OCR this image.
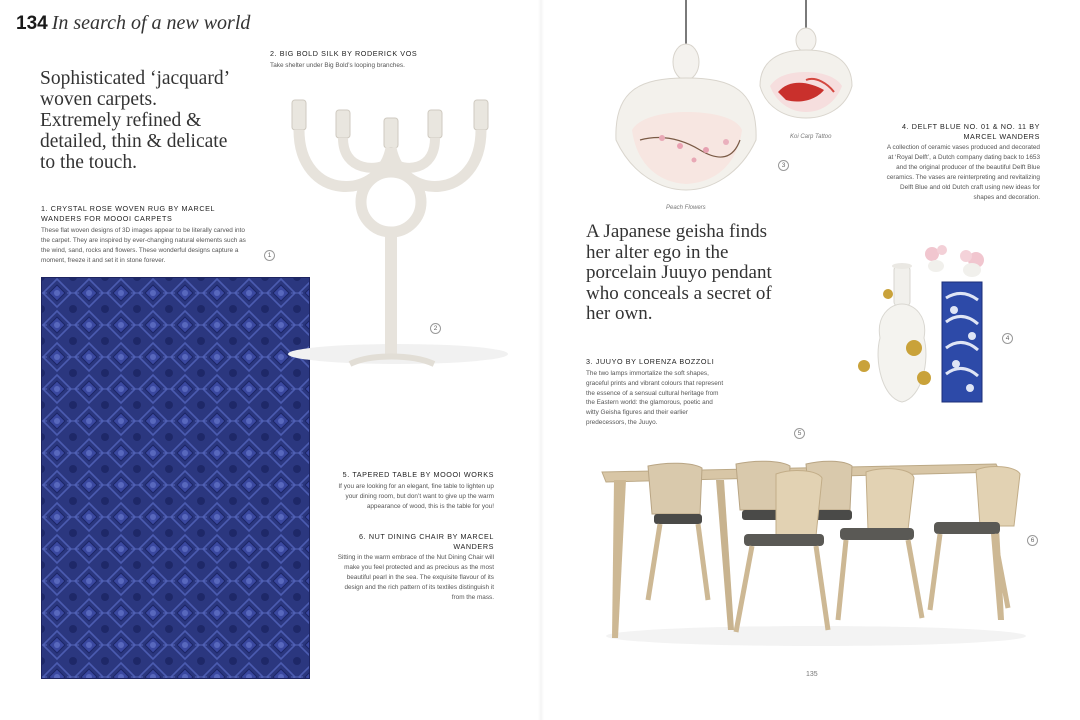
134 In search of a new world
Sophisticated ‘jacquard’ woven carpets. Extremely refined & detailed, thin & delicate to the touch.
1. CRYSTAL ROSE WOVEN RUG BY MARCEL WANDERS FOR MOOOI CARPETS
These flat woven designs of 3D images appear to be literally carved into the carpet. They are inspired by ever-changing natural elements such as the wind, sand, rocks and flowers. These wonderful designs capture a moment, freeze it and set it in stone forever.
1
2. BIG BOLD SILK BY RODERICK VOS
Take shelter under Big Bold’s looping branches.
2
5. TAPERED TABLE BY MOOOI WORKS
If you are looking for an elegant, fine table to lighten up your dining room, but don’t want to give up the warm appearance of wood, this is the table for you!
6. NUT DINING CHAIR BY MARCEL WANDERS
Sitting in the warm embrace of the Nut Dining Chair will make you feel protected and as precious as the most beautiful pearl in the sea. The exquisite flavour of its design and the rich pattern of its textiles distinguish it from the mass.
Peach Flowers
Koi Carp Tattoo
3
A Japanese geisha finds her alter ego in the porcelain Juuyo pendant who conceals a secret of her own.
3. JUUYO BY LORENZA BOZZOLI
The two lamps immortalize the soft shapes, graceful prints and vibrant colours that represent the essence of a sensual cultural heritage from the Eastern world: the glamorous, poetic and witty Geisha figures and their earlier predecessors, the Juuyo.
4. DELFT BLUE NO. 01 & NO. 11 BY MARCEL WANDERS
A collection of ceramic vases produced and decorated at ‘Royal Delft’, a Dutch company dating back to 1653 and the original producer of the beautiful Delft Blue ceramics. The vases are reinterpreting and revitalizing Delft Blue and old Dutch craft using new ideas for shapes and decoration.
4
5
6
135
